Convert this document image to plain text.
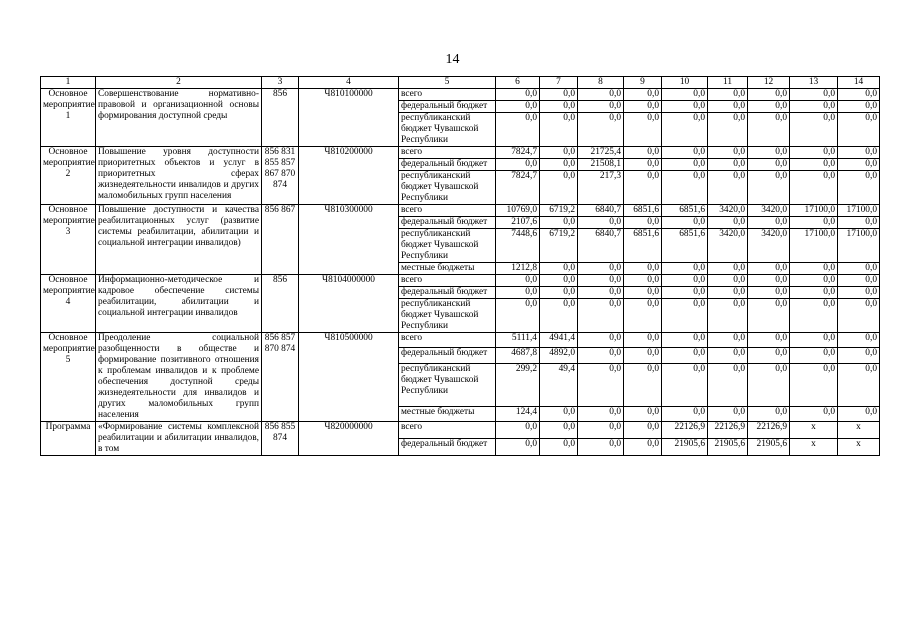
14
1	2	3	4	5	6	7	8	9	10	11	12	13	14
Основное мероприятие 1	Совершенствование нормативно-правовой и организационной основы формирования доступной среды	856	Ч810100000	всего	0,0	0,0	0,0	0,0	0,0	0,0	0,0	0,0	0,0
				федеральный бюджет	0,0	0,0	0,0	0,0	0,0	0,0	0,0	0,0	0,0
				республиканский бюджет Чувашской Республики	0,0	0,0	0,0	0,0	0,0	0,0	0,0	0,0	0,0
Основное мероприятие 2	Повышение уровня доступности приоритетных объектов и услуг в приоритетных сферах жизнедеятельности инвалидов и других маломобильных групп населения	856 831 855 857 867 870 874	Ч810200000	всего	7824,7	0,0	21725,4	0,0	0,0	0,0	0,0	0,0	0,0
				федеральный бюджет	0,0	0,0	21508,1	0,0	0,0	0,0	0,0	0,0	0,0
				республиканский бюджет Чувашской Республики	7824,7	0,0	217,3	0,0	0,0	0,0	0,0	0,0	0,0
Основное мероприятие 3	Повышение доступности и качества реабилитационных услуг (развитие системы реабилитации, абилитации и социальной интеграции инвалидов)	856 867	Ч810300000	всего	10769,0	6719,2	6840,7	6851,6	6851,6	3420,0	3420,0	17100,0	17100,0
				федеральный бюджет	2107,6	0,0	0,0	0,0	0,0	0,0	0,0	0,0	0,0
				республиканский бюджет Чувашской Республики	7448,6	6719,2	6840,7	6851,6	6851,6	3420,0	3420,0	17100,0	17100,0
				местные бюджеты	1212,8	0,0	0,0	0,0	0,0	0,0	0,0	0,0	0,0
Основное мероприятие 4	Информационно-методическое и кадровое обеспечение системы реабилитации, абилитации и социальной интеграции инвалидов	856	Ч8104000000	всего	0,0	0,0	0,0	0,0	0,0	0,0	0,0	0,0	0,0
				федеральный бюджет	0,0	0,0	0,0	0,0	0,0	0,0	0,0	0,0	0,0
				республиканский бюджет Чувашской Республики	0,0	0,0	0,0	0,0	0,0	0,0	0,0	0,0	0,0
Основное мероприятие 5	Преодоление социальной разобщенности в обществе и формирование позитивного отношения к проблемам инвалидов и к проблеме обеспечения доступной среды жизнедеятельности для инвалидов и других маломобильных групп населения	856 857 870 874	Ч810500000	всего	5111,4	4941,4	0,0	0,0	0,0	0,0	0,0	0,0	0,0
				федеральный бюджет	4687,8	4892,0	0,0	0,0	0,0	0,0	0,0	0,0	0,0
				республиканский бюджет Чувашской Республики	299,2	49,4	0,0	0,0	0,0	0,0	0,0	0,0	0,0
				местные бюджеты	124,4	0,0	0,0	0,0	0,0	0,0	0,0	0,0	0,0
Программа	«Формирование системы комплексной реабилитации и абилитации инвалидов, в том	856 855 874	Ч820000000	всего	0,0	0,0	0,0	0,0	22126,9	22126,9	22126,9	x	x
				федеральный бюджет	0,0	0,0	0,0	0,0	21905,6	21905,6	21905,6	x	x
